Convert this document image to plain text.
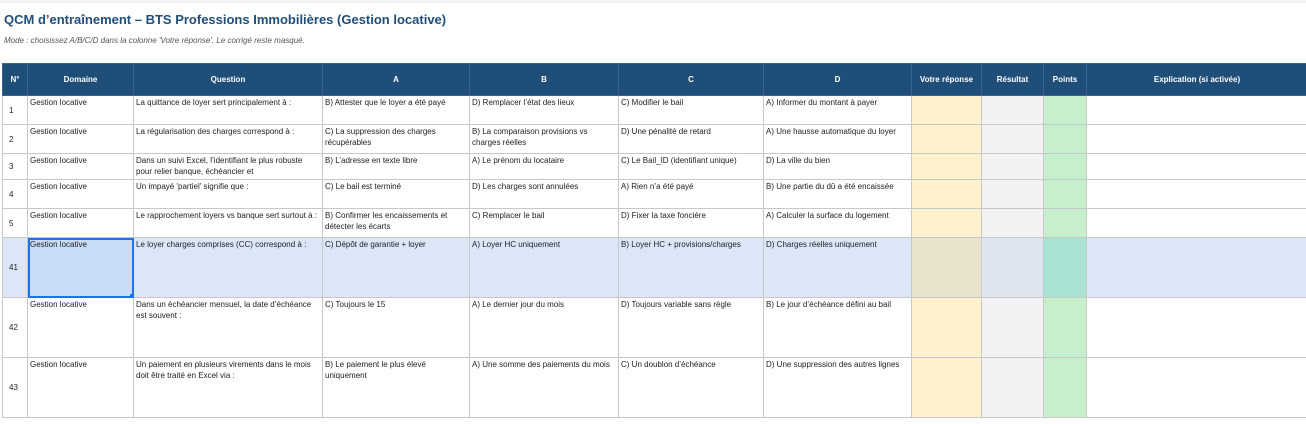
QCM d’entraînement – BTS Professions Immobilières (Gestion locative)
Mode : choisissez A/B/C/D dans la colonne 'Votre réponse'. Le corrigé reste masqué.
N°	Domaine	Question	A	B	C	D	Votre réponse	Résultat	Points	Explication (si activée)
1	Gestion locative	La quittance de loyer sert principalement à :	B) Attester que le loyer a été payé	D) Remplacer l’état des lieux	C) Modifier le bail	A) Informer du montant à payer				
2	Gestion locative	La régularisation des charges correspond à :	C) La suppression des charges récupérables	B) La comparaison provisions vs charges réelles	D) Une pénalité de retard	A) Une hausse automatique du loyer				
3	Gestion locative	Dans un suivi Excel, l’identifiant le plus robuste pour relier banque, échéancier et	B) L’adresse en texte libre	A) Le prénom du locataire	C) Le Bail_ID (identifiant unique)	D) La ville du bien				
4	Gestion locative	Un impayé 'partiel' signifie que :	C) Le bail est terminé	D) Les charges sont annulées	A) Rien n’a été payé	B) Une partie du dû a été encaissée				
5	Gestion locative	Le rapprochement loyers vs banque sert surtout à :	B) Confirmer les encaissements et détecter les écarts	C) Remplacer le bail	D) Fixer la taxe foncière	A) Calculer la surface du logement				
41	Gestion locative	Le loyer charges comprises (CC) correspond à :	C) Dépôt de garantie + loyer	A) Loyer HC uniquement	B) Loyer HC + provisions/charges	D) Charges réelles uniquement				
42	Gestion locative	Dans un échéancier mensuel, la date d’échéance est souvent :	C) Toujours le 15	A) Le dernier jour du mois	D) Toujours variable sans règle	B) Le jour d’échéance défini au bail				
43	Gestion locative	Un paiement en plusieurs virements dans le mois doit être traité en Excel via :	B) Le paiement le plus élevé uniquement	A) Une somme des paiements du mois	C) Un doublon d’échéance	D) Une suppression des autres lignes				
